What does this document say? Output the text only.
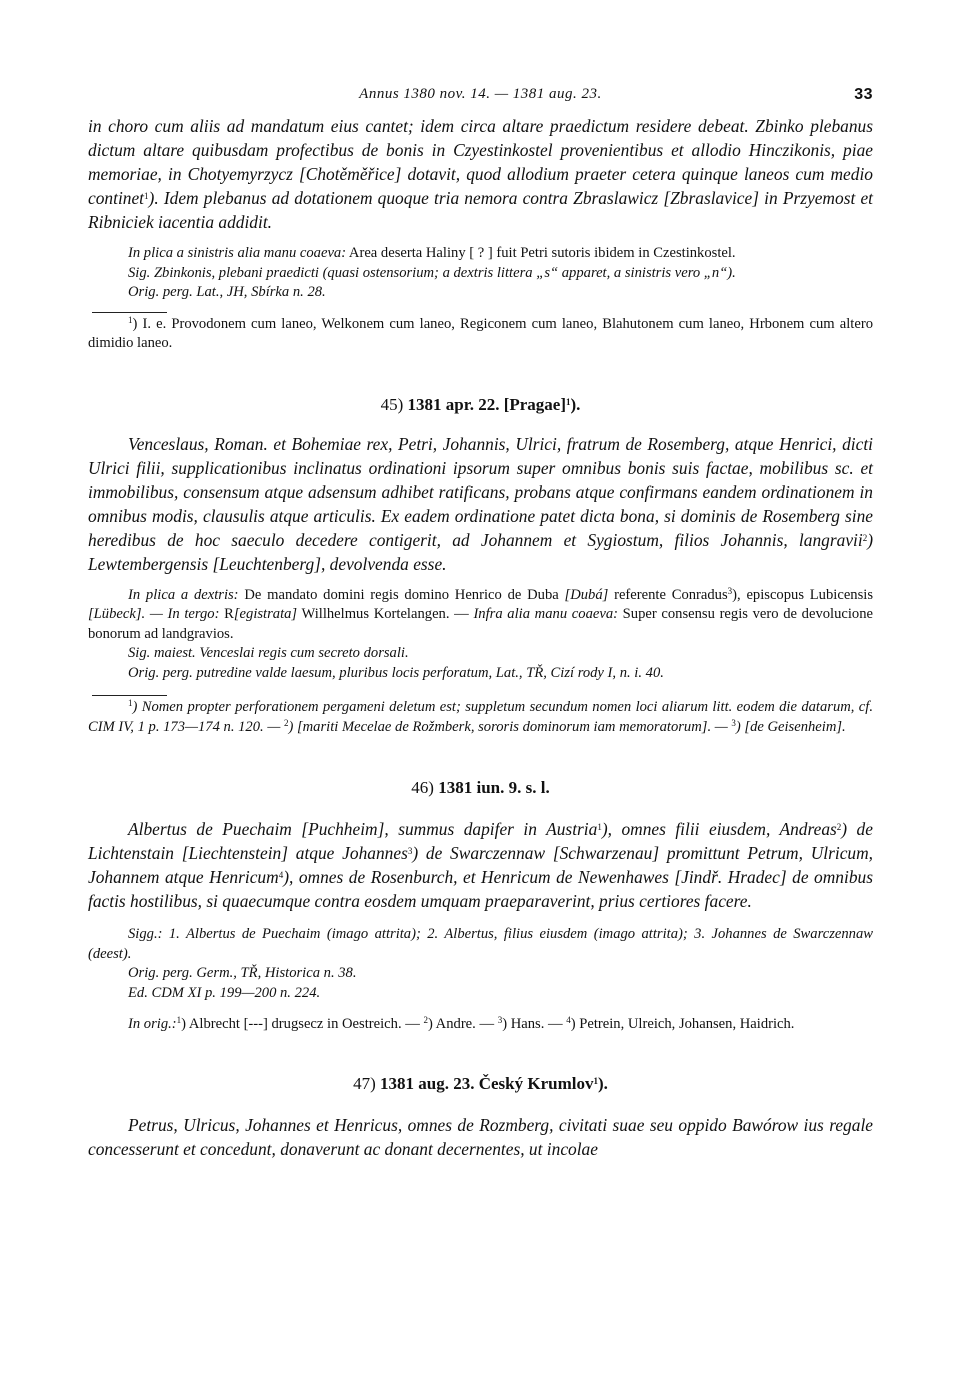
Annus 1380 nov. 14. — 1381 aug. 23.	33

in choro cum aliis ad mandatum eius cantet; idem circa altare praedictum residere debeat. Zbinko plebanus dictum altare quibusdam profectibus de bonis in Czyestinkostel provenientibus et allodio Hinczikonis, piae memoriae, in Chotyemyrzycz [Chotěměřice] dotavit, quod allodium praeter cetera quinque laneos cum medio continet$^1$). Idem plebanus ad dotationem quoque tria nemora contra Zbraslawicz [Zbraslavice] in Przyemost et Ribniciek iacentia addidit.

In plica a sinistris alia manu coaeva: Area deserta Haliny [ ? ] fuit Petri sutoris ibidem in Czestinkostel.

Sig. Zbinkonis, plebani praedicti (quasi ostensorium; a dextris littera „s“ apparet, a sinistris vero „n“).

Orig. perg. Lat., JH, Sbírka n. 28.

$^1$) I. e. Provodonem cum laneo, Welkonem cum laneo, Regiconem cum laneo, Blahutonem cum laneo, Hrbonem cum altero dimidio laneo.

45) 1381 apr. 22. [Pragae]$^1$).

Venceslaus, Roman. et Bohemiae rex, Petri, Johannis, Ulrici, fratrum de Rosemberg, atque Henrici, dicti Ulrici filii, supplicationibus inclinatus ordinationi ipsorum super omnibus bonis suis factae, mobilibus sc. et immobilibus, consensum atque adsensum adhibet ratificans, probans atque confirmans eandem ordinationem in omnibus modis, clausulis atque articulis. Ex eadem ordinatione patet dicta bona, si dominis de Rosemberg sine heredibus de hoc saeculo decedere contigerit, ad Johannem et Sygiostum, filios Johannis, langravii$^2$) Lewtembergensis [Leuchtenberg], devolvenda esse.

In plica a dextris: De mandato domini regis domino Henrico de Duba [Dubá] referente Conradus$^3$), episcopus Lubicensis [Lübeck]. — In tergo: R[egistrata] Willhelmus Kortelangen. — Infra alia manu coaeva: Super consensu regis vero de devolucione bonorum ad landgravios.

Sig. maiest. Venceslai regis cum secreto dorsali.

Orig. perg. putredine valde laesum, pluribus locis perforatum, Lat., TŘ, Cizí rody I, n. i. 40.

$^1$) Nomen propter perforationem pergameni deletum est; suppletum secundum nomen loci aliarum litt. eodem die datarum, cf. CIM IV, 1 p. 173—174 n. 120. — $^2$) [mariti Mecelae de Rožmberk, sororis dominorum iam memoratorum]. — $^3$) [de Geisenheim].

46) 1381 iun. 9. s. l.

Albertus de Puechaim [Puchheim], summus dapifer in Austria$^1$), omnes filii eiusdem, Andreas$^2$) de Lichtenstain [Liechtenstein] atque Johannes$^3$) de Swarczennaw [Schwarzenau] promittunt Petrum, Ulricum, Johannem atque Henricum$^4$), omnes de Rosenburch, et Henricum de Newenhawes [Jindř. Hradec] de omnibus factis hostilibus, si quaecumque contra eosdem umquam praeparaverint, prius certiores facere.

Sigg.: 1. Albertus de Puechaim (imago attrita); 2. Albertus, filius eiusdem (imago attrita); 3. Johannes de Swarczennaw (deest).

Orig. perg. Germ., TŘ, Historica n. 38.

Ed. CDM XI p. 199—200 n. 224.

In orig.:$^1$) Albrecht [---] drugsecz in Oestreich. — $^2$) Andre. — $^3$) Hans. — $^4$) Petrein, Ulreich, Johansen, Haidrich.

47) 1381 aug. 23. Český Krumlov$^1$).

Petrus, Ulricus, Johannes et Henricus, omnes de Rozmberg, civitati suae seu oppido Bawórow ius regale concesserunt et concedunt, donaverunt ac donant decernentes, ut incolae
